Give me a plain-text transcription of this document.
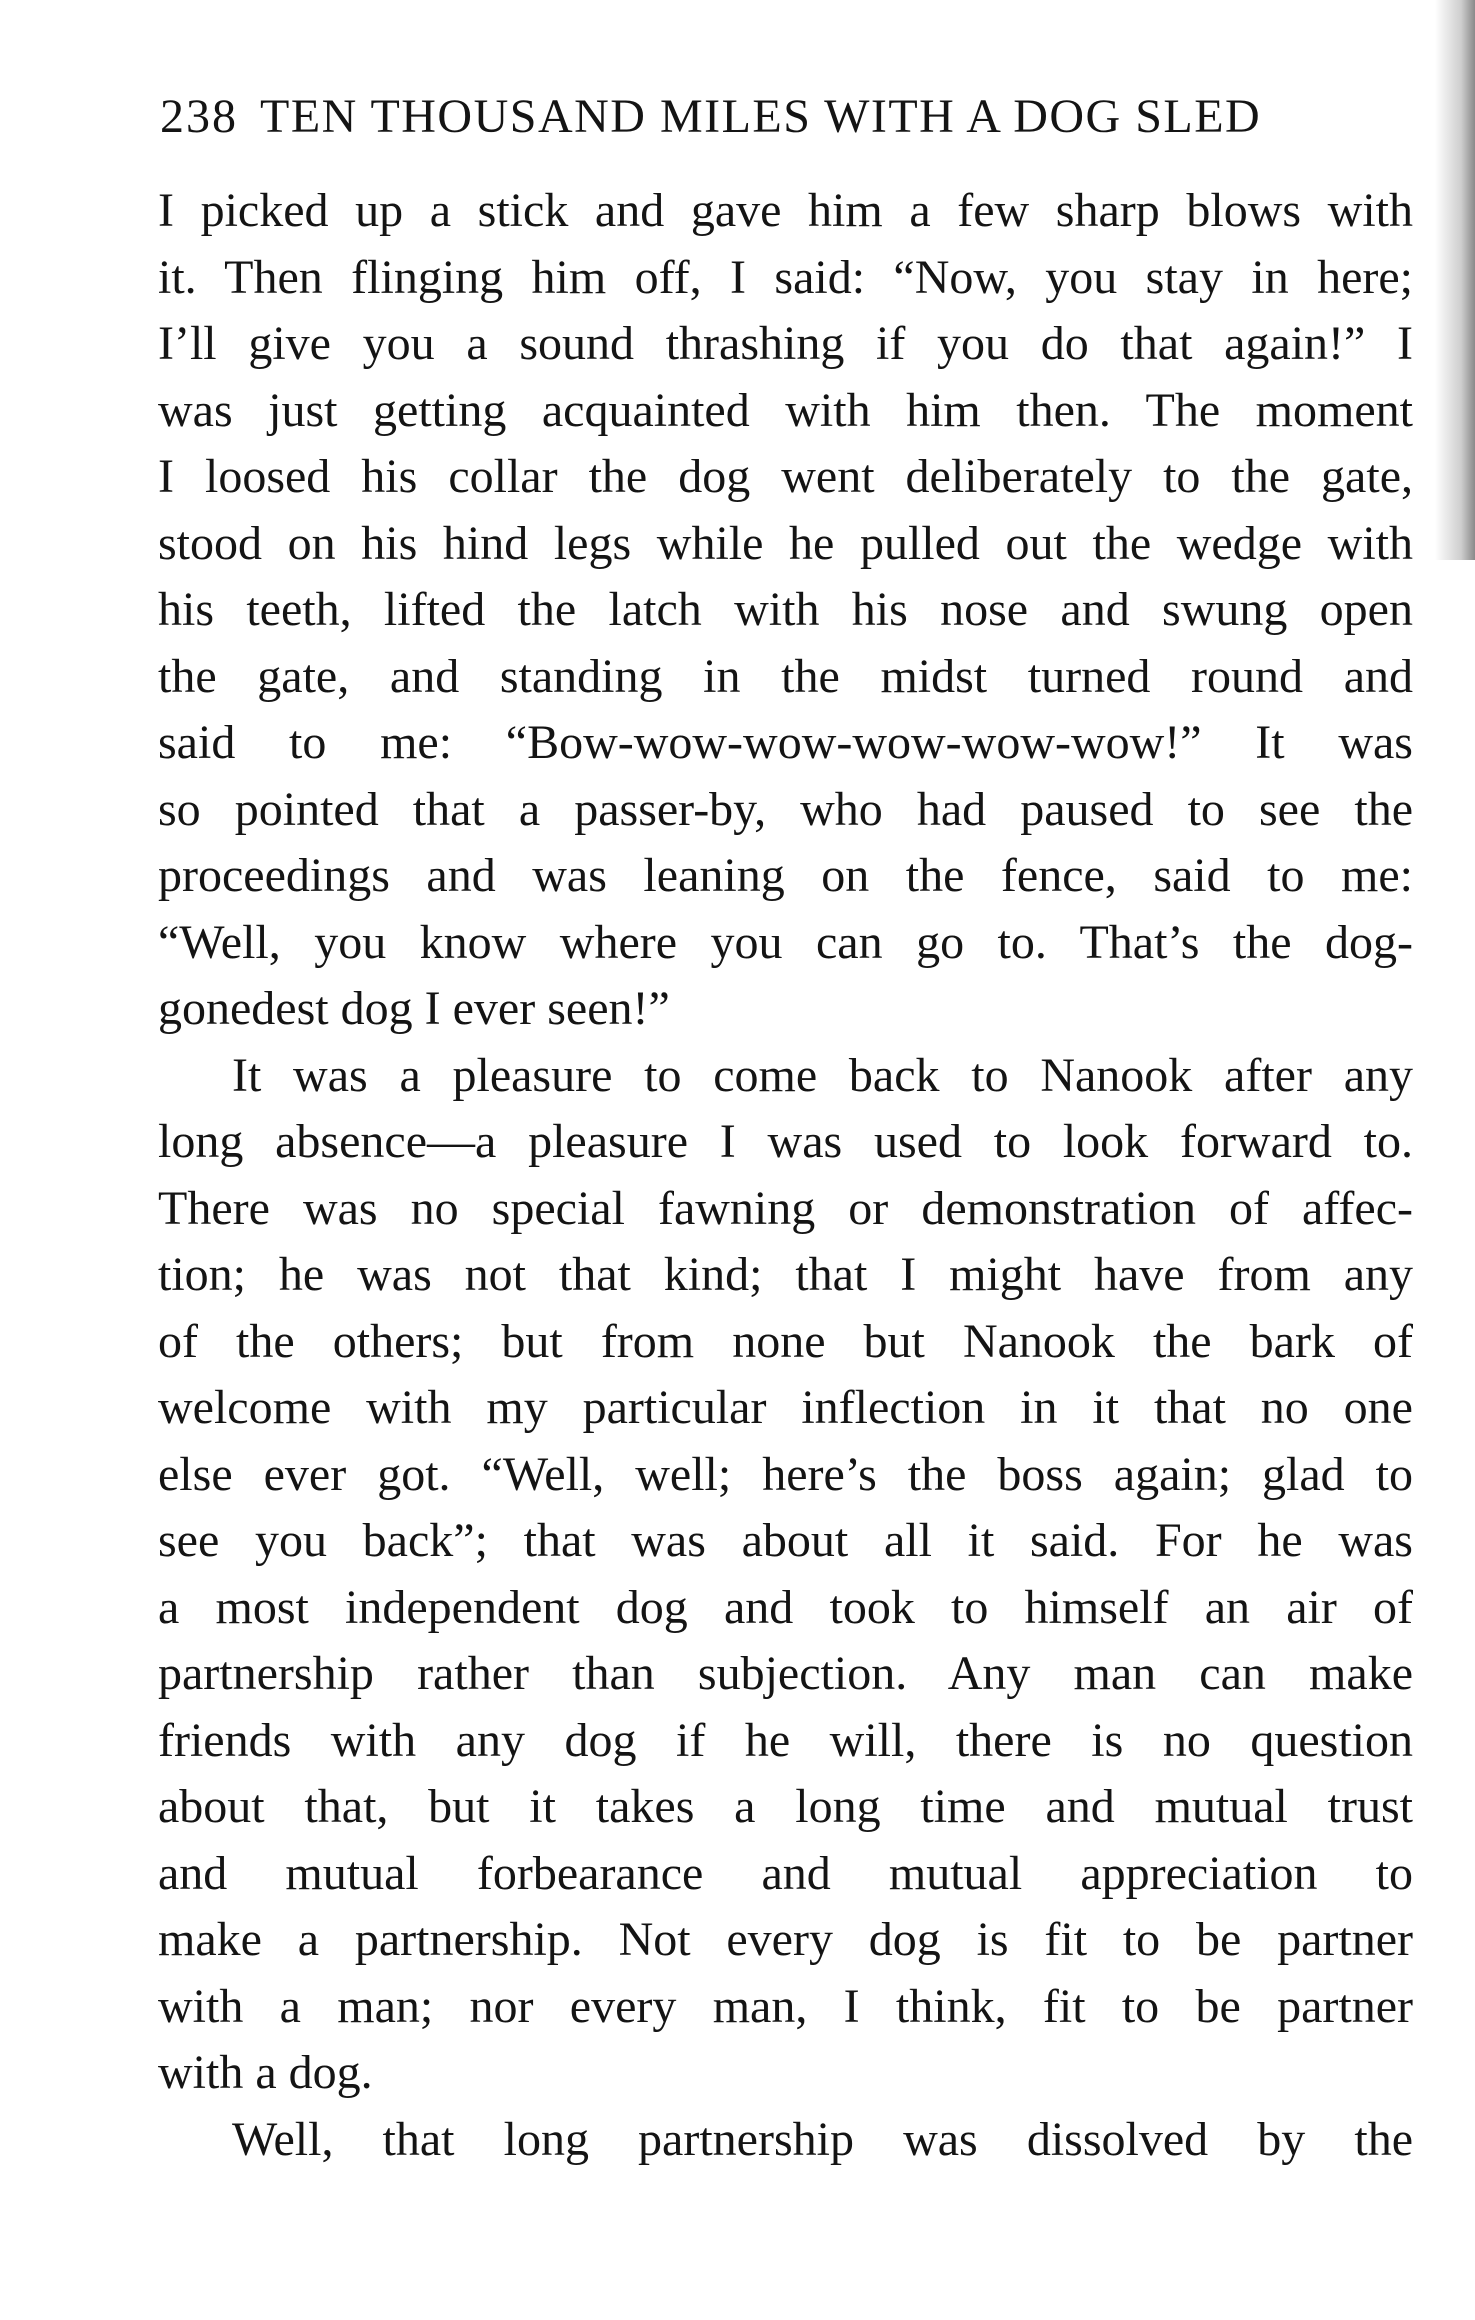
238 TEN THOUSAND MILES WITH A DOG SLED
I picked up a stick and gave him a few sharp blows with
it. Then flinging him off, I said: “Now, you stay in here;
I’ll give you a sound thrashing if you do that again!” I
was just getting acquainted with him then. The moment
I loosed his collar the dog went deliberately to the gate,
stood on his hind legs while he pulled out the wedge with
his teeth, lifted the latch with his nose and swung open
the gate, and standing in the midst turned round and
said to me: “Bow-wow-wow-wow-wow-wow!” It was
so pointed that a passer-by, who had paused to see the
proceedings and was leaning on the fence, said to me:
“Well, you know where you can go to. That’s the dog-
gonedest dog I ever seen!”
It was a pleasure to come back to Nanook after any
long absence—a pleasure I was used to look forward to.
There was no special fawning or demonstration of affec-
tion; he was not that kind; that I might have from any
of the others; but from none but Nanook the bark of
welcome with my particular inflection in it that no one
else ever got. “Well, well; here’s the boss again; glad to
see you back”; that was about all it said. For he was
a most independent dog and took to himself an air of
partnership rather than subjection. Any man can make
friends with any dog if he will, there is no question
about that, but it takes a long time and mutual trust
and mutual forbearance and mutual appreciation to
make a partnership. Not every dog is fit to be partner
with a man; nor every man, I think, fit to be partner
with a dog.
Well, that long partnership was dissolved by the
